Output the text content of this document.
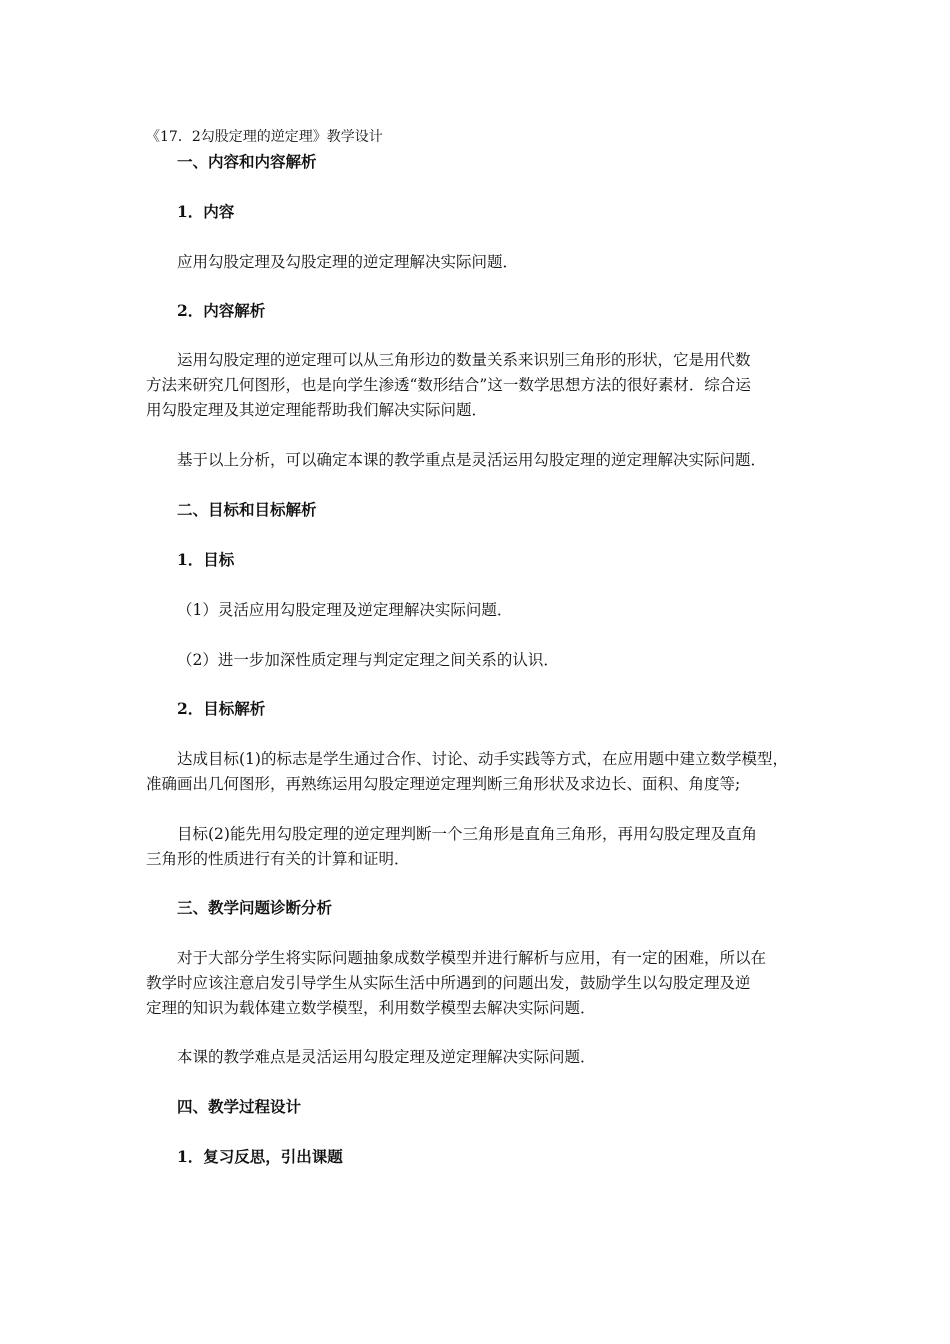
《17．2勾股定理的逆定理》教学设计
一、内容和内容解析
1．内容
应用勾股定理及勾股定理的逆定理解决实际问题．
2．内容解析
运用勾股定理的逆定理可以从三角形边的数量关系来识别三角形的形状，它是用代数
方法来研究几何图形，也是向学生渗透“数形结合”这一数学思想方法的很好素材．综合运
用勾股定理及其逆定理能帮助我们解决实际问题．
基于以上分析，可以确定本课的教学重点是灵活运用勾股定理的逆定理解决实际问题．
二、目标和目标解析
1．目标
（1）灵活应用勾股定理及逆定理解决实际问题．
（2）进一步加深性质定理与判定定理之间关系的认识．
2．目标解析
达成目标(1)的标志是学生通过合作、讨论、动手实践等方式，在应用题中建立数学模型，
准确画出几何图形，再熟练运用勾股定理逆定理判断三角形状及求边长、面积、角度等;
目标(2)能先用勾股定理的逆定理判断一个三角形是直角三角形，再用勾股定理及直角
三角形的性质进行有关的计算和证明．
三、教学问题诊断分析
对于大部分学生将实际问题抽象成数学模型并进行解析与应用，有一定的困难，所以在
教学时应该注意启发引导学生从实际生活中所遇到的问题出发，鼓励学生以勾股定理及逆
定理的知识为载体建立数学模型，利用数学模型去解决实际问题．
本课的教学难点是灵活运用勾股定理及逆定理解决实际问题．
四、教学过程设计
1．复习反思，引出课题
